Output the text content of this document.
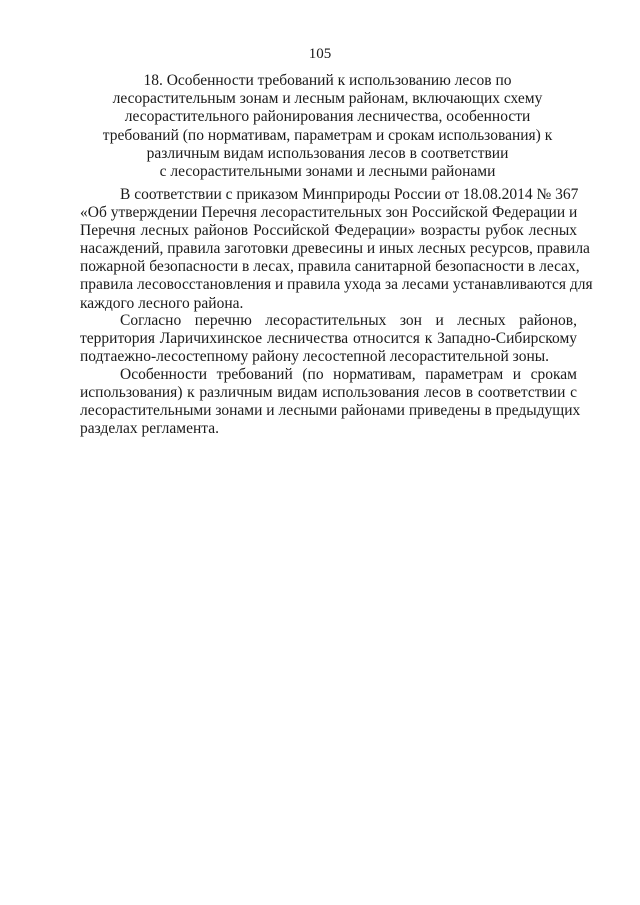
105
18. Особенности требований к использованию лесов по
лесорастительным зонам и лесным районам, включающих схему
лесорастительного районирования лесничества, особенности
требований (по нормативам, параметрам и срокам использования) к
различным видам использования лесов в соответствии
с лесорастительными зонами и лесными районами
В соответствии с приказом Минприроды России от 18.08.2014 № 367
«Об утверждении Перечня лесорастительных зон Российской Федерации и
Перечня лесных районов Российской Федерации» возрасты рубок лесных
насаждений, правила заготовки древесины и иных лесных ресурсов, правила
пожарной безопасности в лесах, правила санитарной безопасности в лесах,
правила лесовосстановления и правила ухода за лесами устанавливаются для
каждого лесного района.
Согласно перечню лесорастительных зон и лесных районов,
территория Ларичихинское лесничества относится к Западно-Сибирскому
подтаежно-лесостепному району лесостепной лесорастительной зоны.
Особенности требований (по нормативам, параметрам и срокам
использования) к различным видам использования лесов в соответствии с
лесорастительными зонами и лесными районами приведены в предыдущих
разделах регламента.
